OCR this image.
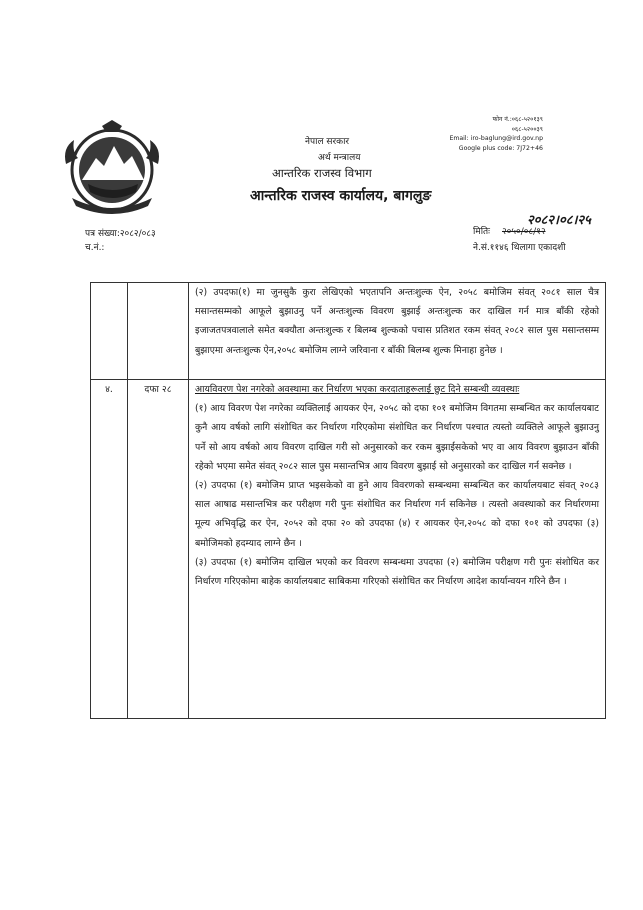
नेपाल सरकार
अर्थ मन्त्रालय
आन्तरिक राजस्व विभाग
आन्तरिक राजस्व कार्यालय, बागलुङ
फोन नं.:०६८-५२०१३९
०६८-५२००३९
Email: iro-baglung@ird.gov.np
Google plus code: 7J72+46
पत्र संख्या:२०८२/०८३
च.नं.:
२०८२।०८।२५
मितिः २०५०/०८/१२
ने.सं.११४६ थिलागा एकादशी

		(२) उपदफा(१) मा जुनसुकै कुरा लेखिएको भएतापनि अन्तःशुल्क ऐन, २०५८ बमोजिम संवत् २०८१ साल चैत्र मसान्तसम्मको आफूले बुझाउनु पर्ने अन्तःशुल्क विवरण बुझाई अन्तःशुल्क कर दाखिल गर्न मात्र बाँकी रहेको इजाजतपत्रवालाले समेत बक्यौता अन्तःशुल्क र बिलम्ब शुल्कको पचास प्रतिशत रकम संवत् २०८२ साल पुस मसान्तसम्म बुझाएमा अन्तःशुल्क ऐन,२०५८ बमोजिम लाग्ने जरिवाना र बाँकी बिलम्ब शुल्क मिनाहा हुनेछ ।

४.	दफा २८	आयविवरण पेश नगरेको अवस्थामा कर निर्धारण भएका करदाताहरूलाई छुट दिने सम्बन्धी व्यवस्थाः

(१) आय विवरण पेश नगरेका व्यक्तिलाई आयकर ऐन, २०५८ को दफा १०१ बमोजिम विगतमा सम्बन्धित कर कार्यालयबाट कुनै आय वर्षको लागि संशोधित कर निर्धारण गरिएकोमा संशोधित कर निर्धारण पश्चात त्यस्तो व्यक्तिले आफूले बुझाउनु पर्ने सो आय वर्षको आय विवरण दाखिल गरी सो अनुसारको कर रकम बुझाईसकेको भए वा आय विवरण बुझाउन बाँकी रहेको भएमा समेत संवत् २०८२ साल पुस मसान्तभित्र आय विवरण बुझाई सो अनुसारको कर दाखिल गर्न सक्नेछ ।

(२) उपदफा (१) बमोजिम प्राप्त भइसकेको वा हुने आय विवरणको सम्बन्धमा सम्बन्धित कर कार्यालयबाट संवत् २०८३ साल आषाढ मसान्तभित्र कर परीक्षण गरी पुनः संशोधित कर निर्धारण गर्न सकिनेछ । त्यस्तो अवस्थाको कर निर्धारणमा मूल्य अभिवृद्धि कर ऐन, २०५२ को दफा २० को उपदफा (४) र आयकर ऐन,२०५८ को दफा १०१ को उपदफा (३) बमोजिमको हदम्याद लाग्ने छैन ।

(३) उपदफा (१) बमोजिम दाखिल भएको कर विवरण सम्बन्धमा उपदफा (२) बमोजिम परीक्षण गरी पुनः संशोधित कर निर्धारण गरिएकोमा बाहेक कार्यालयबाट साबिकमा गरिएको संशोधित कर निर्धारण आदेश कार्यान्वयन गरिने छैन ।
